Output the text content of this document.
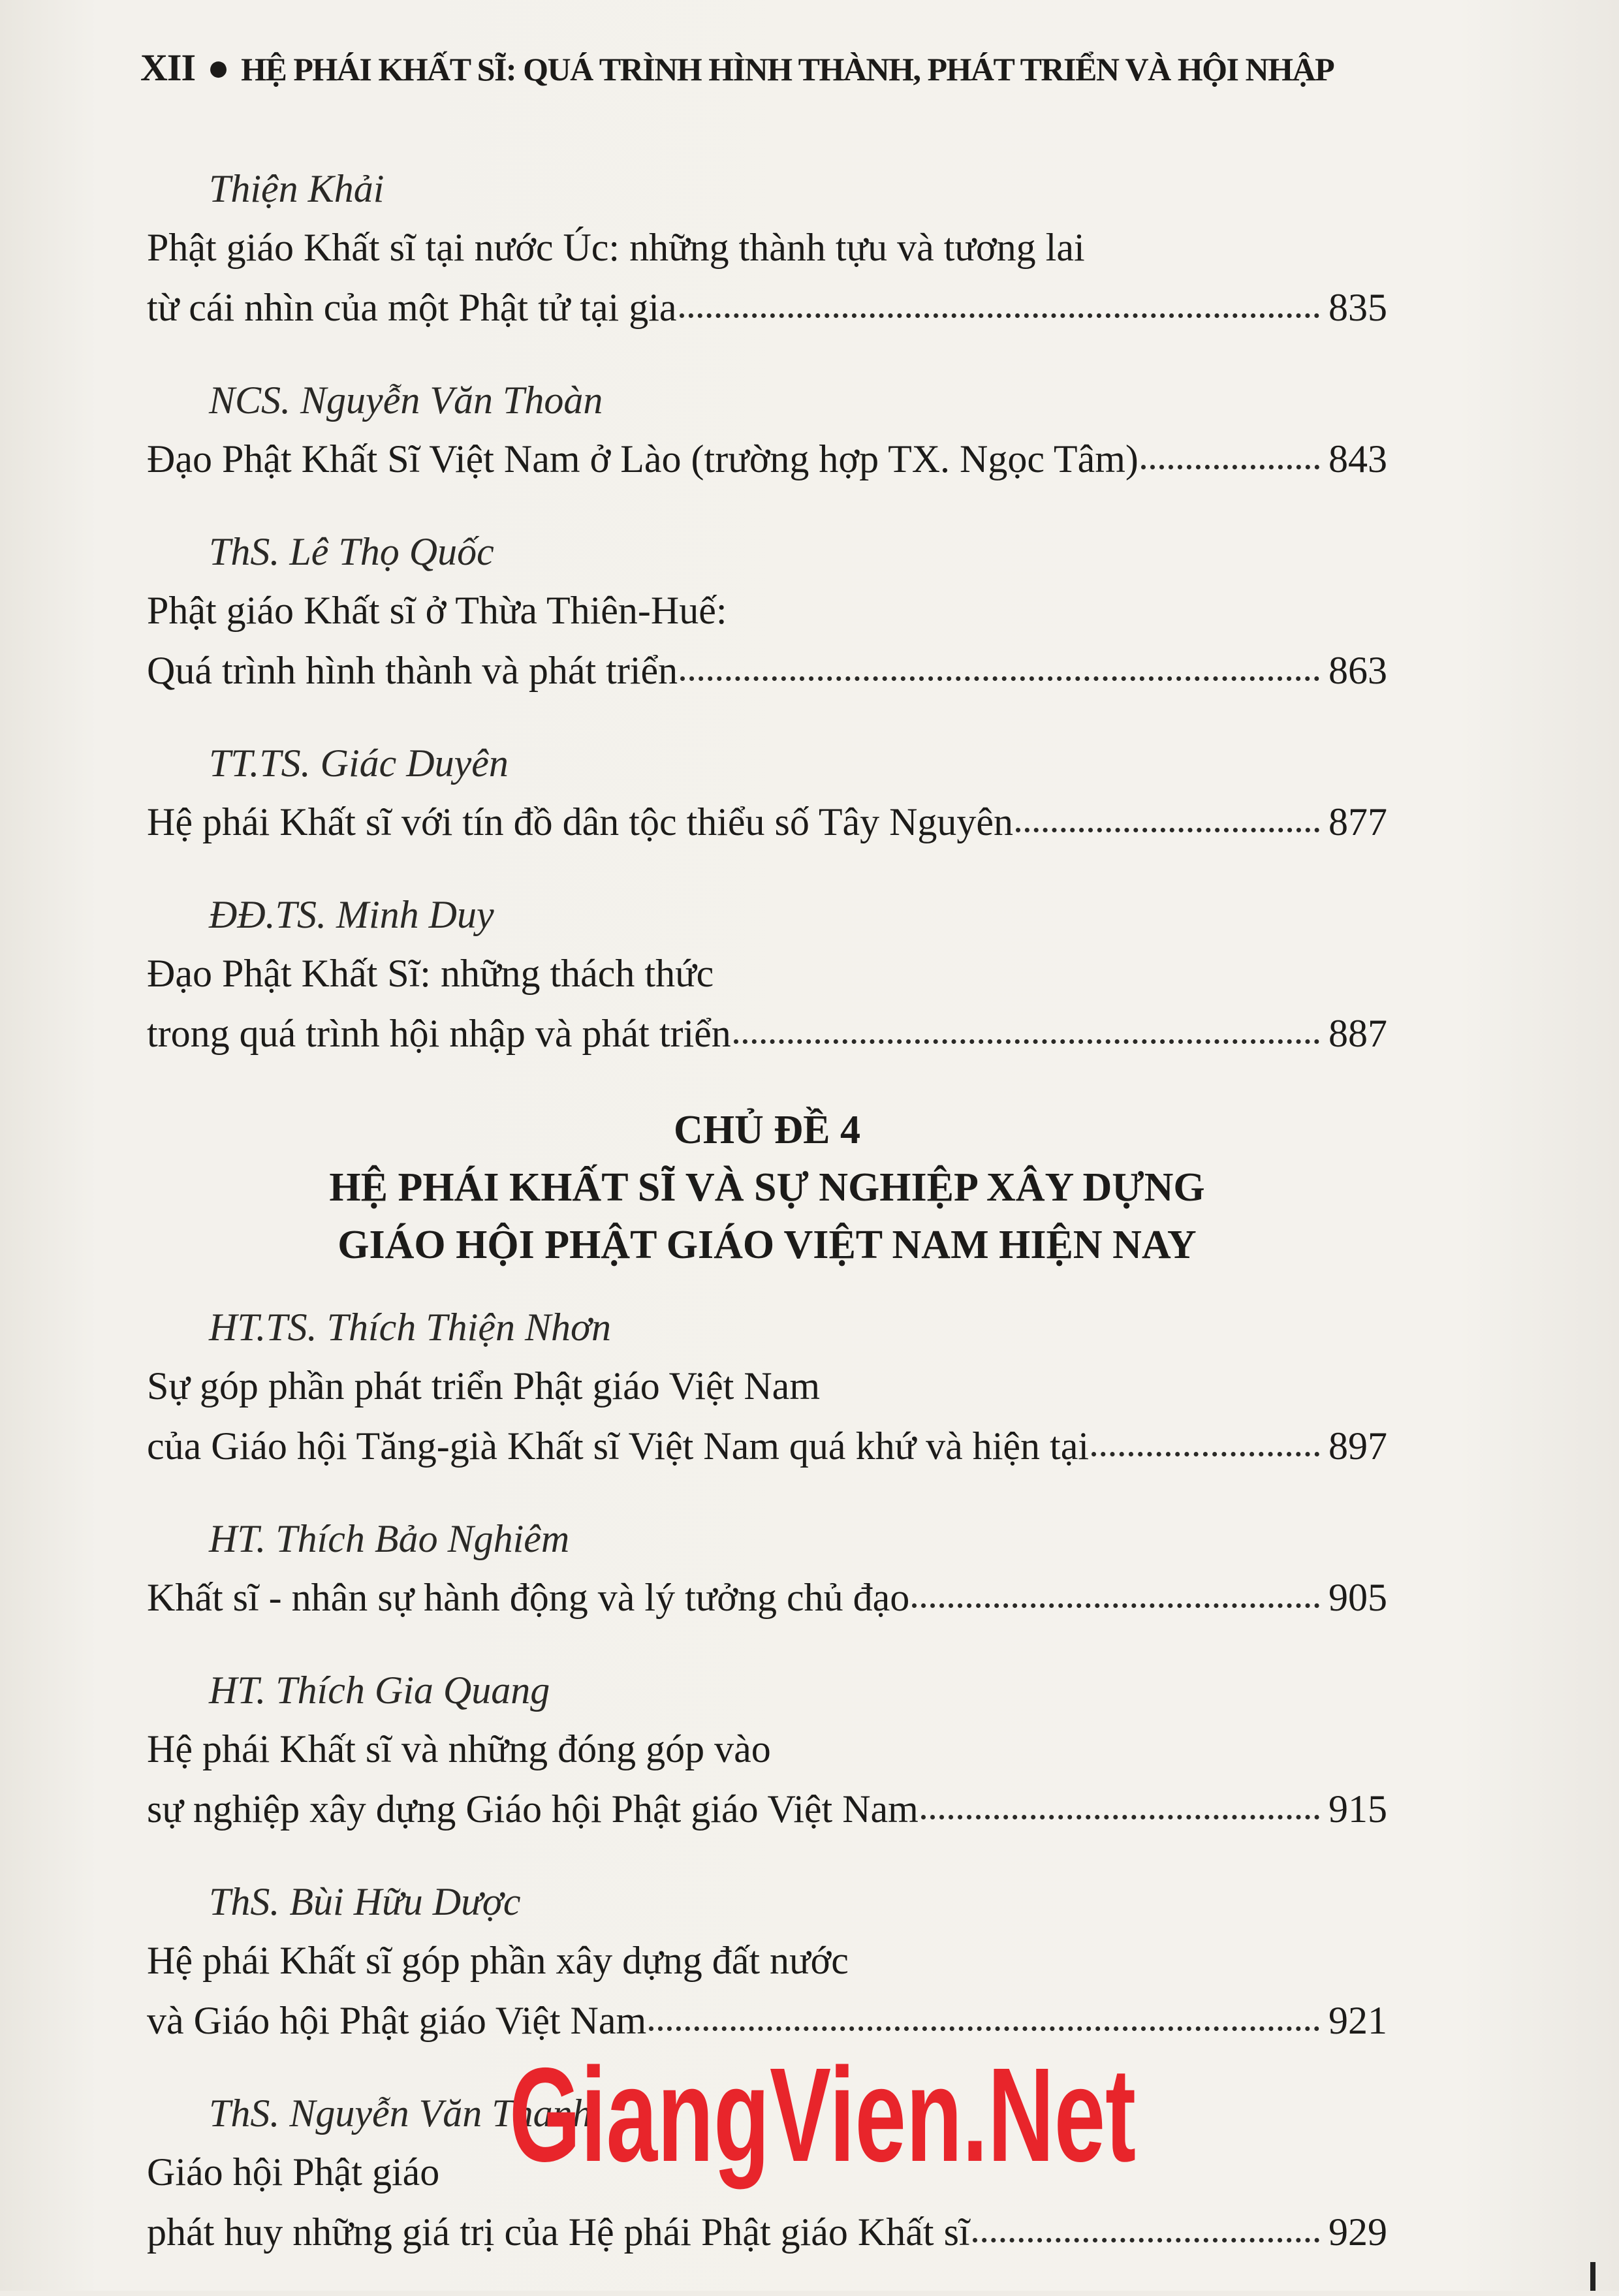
XII ● HỆ PHÁI KHẤT SĨ: QUÁ TRÌNH HÌNH THÀNH, PHÁT TRIỂN VÀ HỘI NHẬP
Thiện Khải
Phật giáo Khất sĩ tại nước Úc: những thành tựu và tương lai
từ cái nhìn của một Phật tử tại gia	835
NCS. Nguyễn Văn Thoàn
Đạo Phật Khất Sĩ Việt Nam ở Lào (trường hợp TX. Ngọc Tâm)	843
ThS. Lê Thọ Quốc
Phật giáo Khất sĩ ở Thừa Thiên-Huế:
Quá trình hình thành và phát triển	863
TT.TS. Giác Duyên
Hệ phái Khất sĩ với tín đồ dân tộc thiểu số Tây Nguyên	877
ĐĐ.TS. Minh Duy
Đạo Phật Khất Sĩ: những thách thức
trong quá trình hội nhập và phát triển	887
CHỦ ĐỀ 4
HỆ PHÁI KHẤT SĨ VÀ SỰ NGHIỆP XÂY DỰNG
GIÁO HỘI PHẬT GIÁO VIỆT NAM HIỆN NAY
HT.TS. Thích Thiện Nhơn
Sự góp phần phát triển Phật giáo Việt Nam
của Giáo hội Tăng-già Khất sĩ Việt Nam quá khứ và hiện tại	897
HT. Thích Bảo Nghiêm
Khất sĩ - nhân sự hành động và lý tưởng chủ đạo	905
HT. Thích Gia Quang
Hệ phái Khất sĩ và những đóng góp vào
sự nghiệp xây dựng Giáo hội Phật giáo Việt Nam	915
ThS. Bùi Hữu Dược
Hệ phái Khất sĩ góp phần xây dựng đất nước
và Giáo hội Phật giáo Việt Nam	921
ThS. Nguyễn Văn Thanh
Giáo hội Phật giáo
phát huy những giá trị của Hệ phái Phật giáo Khất sĩ	929
GiangVien.Net
